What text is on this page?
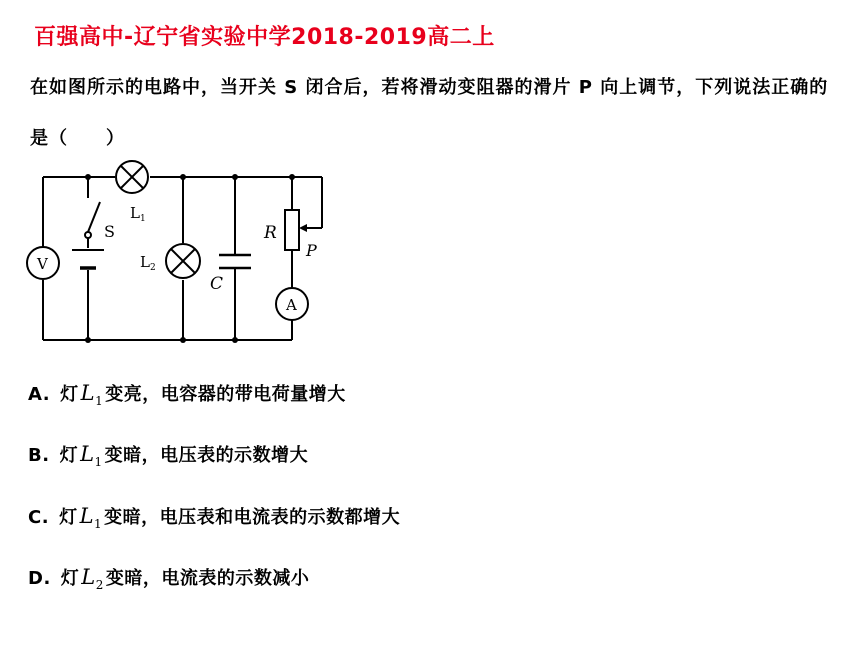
百强高中-辽宁省实验中学2018-2019高二上
在如图所示的电路中，当开关 S 闭合后，若将滑动变阻器的滑片 P 向上调节，下列说法正确的是（　　）
$L_1$
S
V	$L_2$
C
R
P
A
A. 灯$L_1$ 变亮，电容器的带电荷量增大
B. 灯$L_1$ 变暗，电压表的示数增大
C. 灯$L_1$ 变暗，电压表和电流表的示数都增大
D. 灯$L_2$ 变暗，电流表的示数减小
